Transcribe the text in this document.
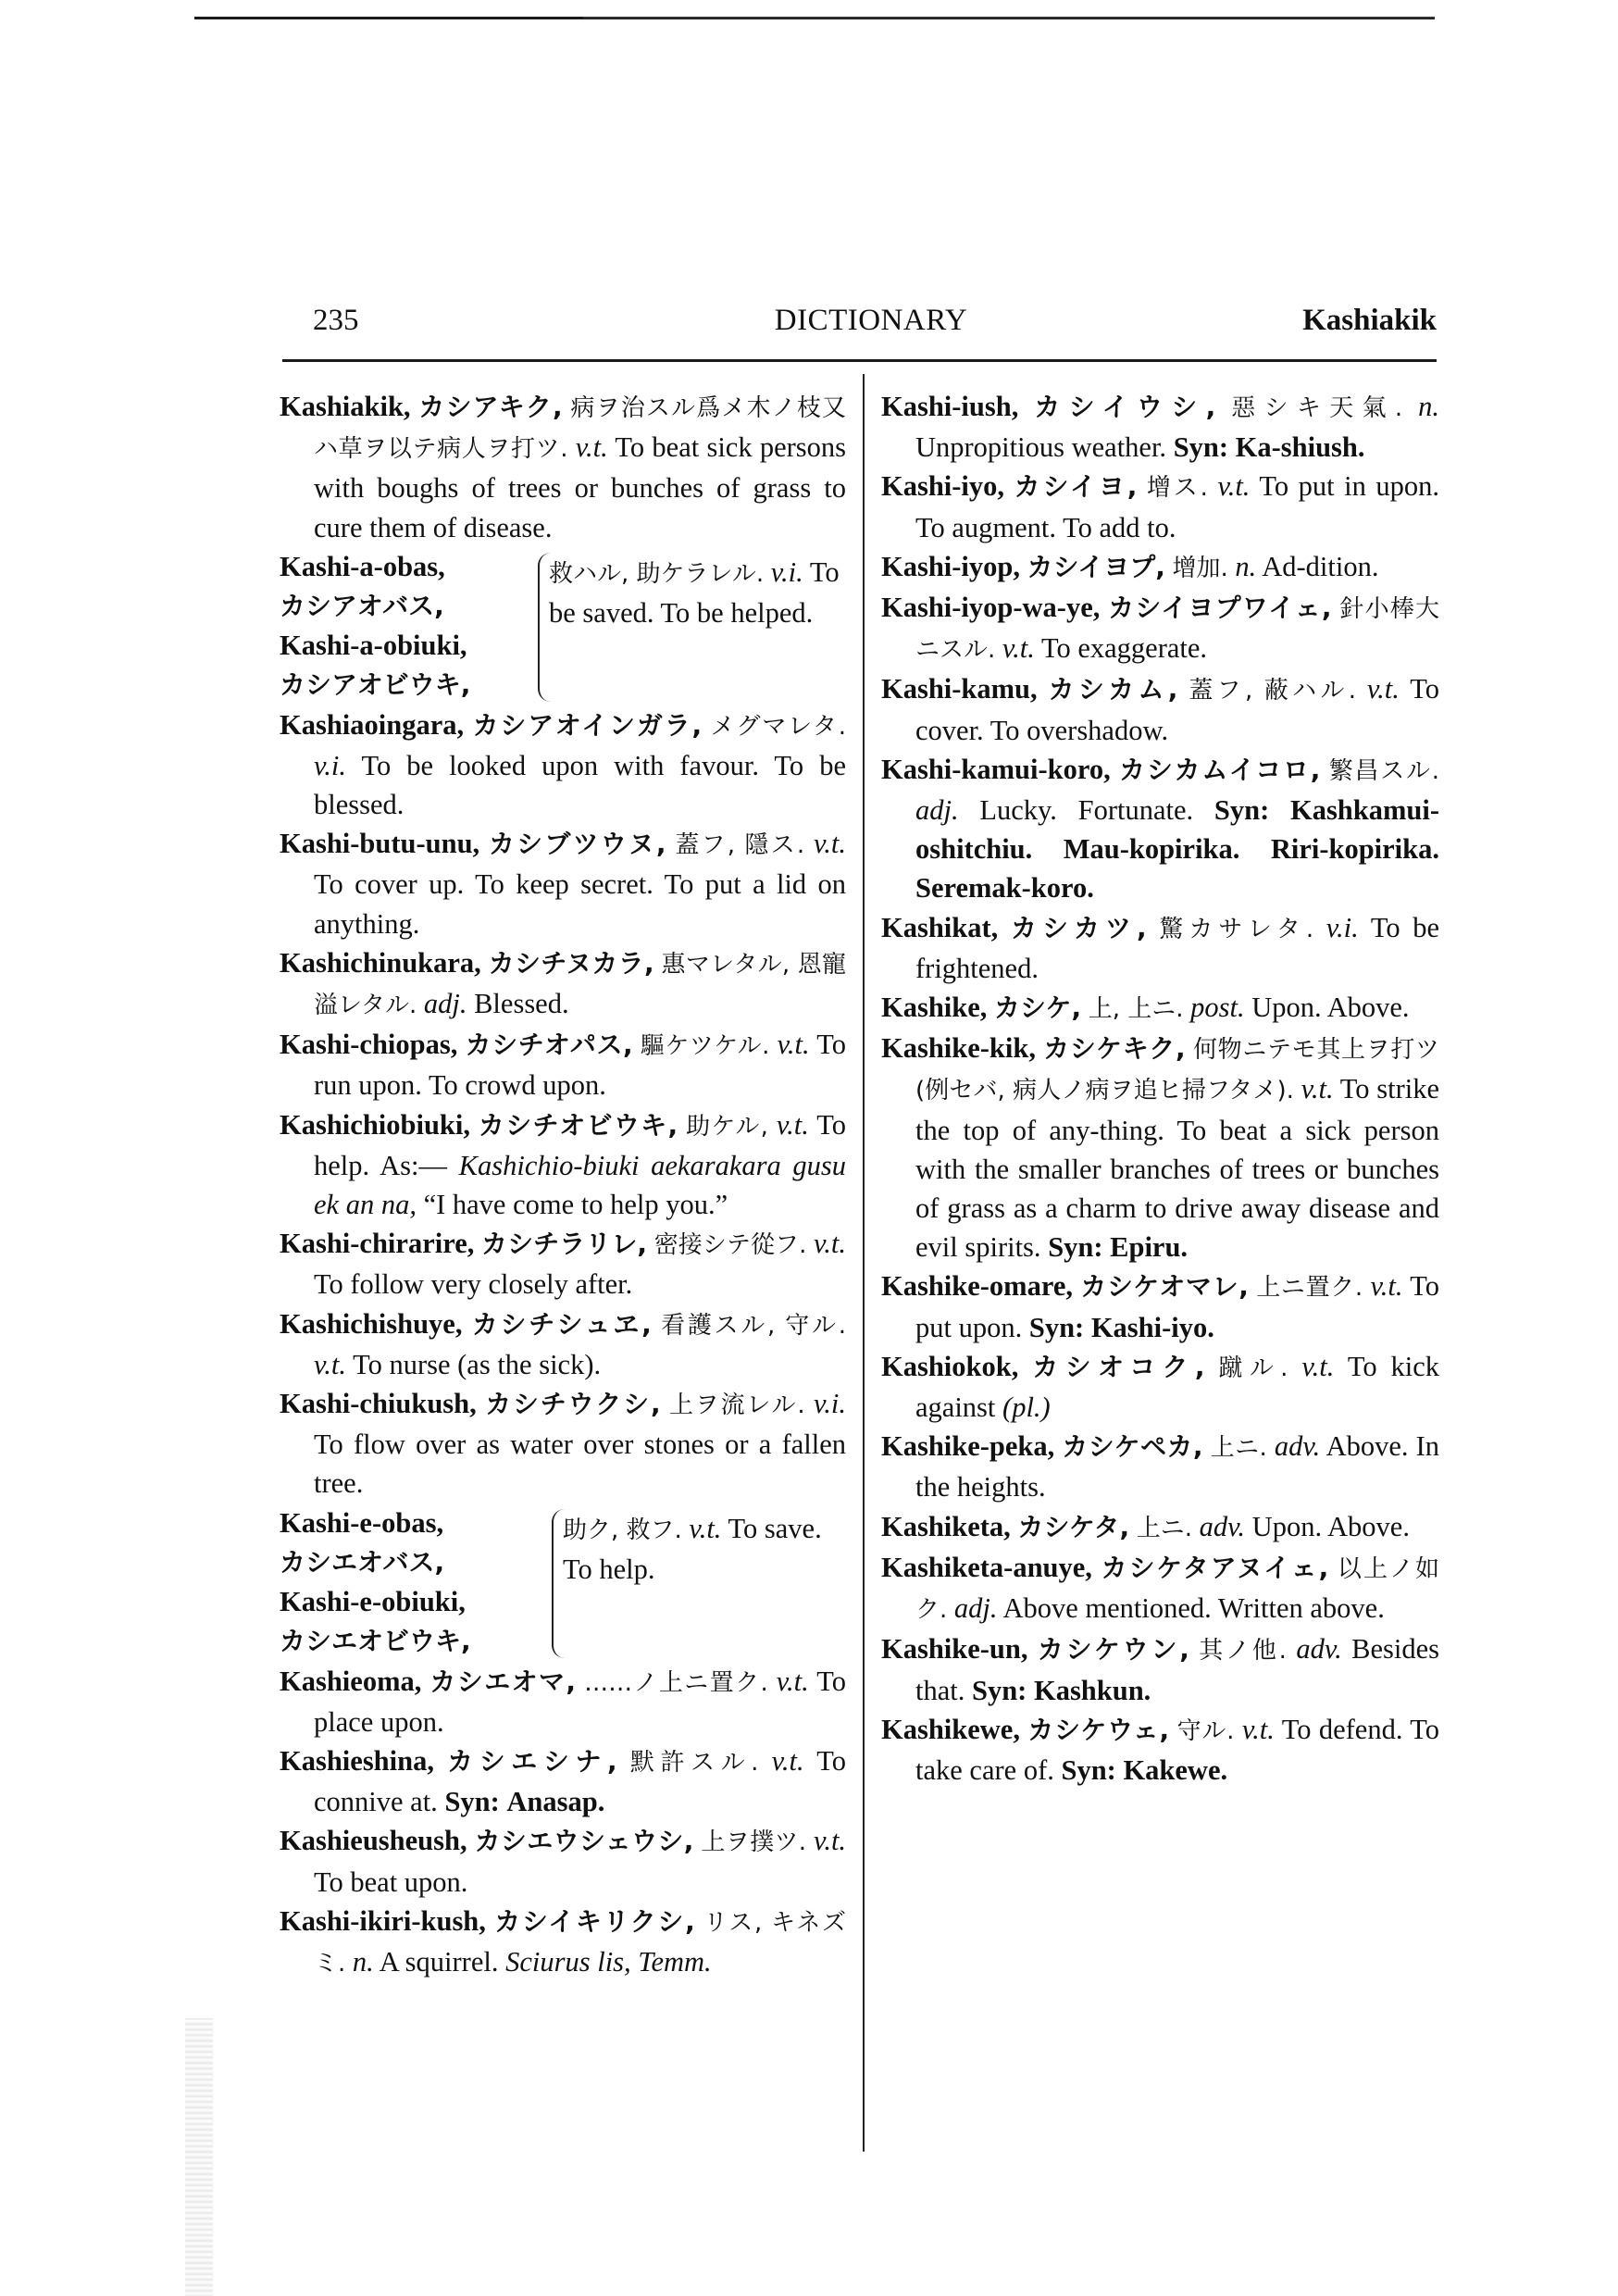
235	DICTIONARY	Kashiakik

Kashiakik, カシアキク, 病ヲ治スル爲メ木ノ枝又ハ草ヲ以テ病人ヲ打ツ. v.t. To beat sick persons with boughs of trees or bunches of grass to cure them of disease.

Kashi-a-obas,
カシアオバス,
Kashi-a-obiuki,
カシアオビウキ,
救ハル, 助ケラレル. v.i. To be saved. To be helped.

Kashiaoingara, カシアオインガラ, メグマレタ. v.i. To be looked upon with favour. To be blessed.

Kashi-butu-unu, カシブツウヌ, 蓋フ, 隱ス. v.t. To cover up. To keep secret. To put a lid on anything.

Kashichinukara, カシチヌカラ, 惠マレタル, 恩寵溢レタル. adj. Blessed.

Kashi-chiopas, カシチオパス, 驅ケツケル. v.t. To run upon. To crowd upon.

Kashichiobiuki, カシチオビウキ, 助ケル, v.t. To help. As:— Kashichio-biuki aekarakara gusu ek an na, “I have come to help you.”

Kashi-chirarire, カシチラリレ, 密接シテ從フ. v.t. To follow very closely after.

Kashichishuye, カシチシュヱ, 看護スル, 守ル. v.t. To nurse (as the sick).

Kashi-chiukush, カシチウクシ, 上ヲ流レル. v.i. To flow over as water over stones or a fallen tree.

Kashi-e-obas,
カシエオバス,
Kashi-e-obiuki,
カシエオビウキ,
助ク, 救フ. v.t. To save. To help.

Kashieoma, カシエオマ, ……ノ上ニ置ク. v.t. To place upon.

Kashieshina, カシエシナ, 默許スル. v.t. To connive at. Syn: Anasap.

Kashieusheush, カシエウシェウシ, 上ヲ撲ツ. v.t. To beat upon.

Kashi-ikiri-kush, カシイキリクシ, リス, キネズミ. n. A squirrel. Sciurus lis, Temm.

Kashi-iush, カシイウシ, 惡シキ天氣. n. Unpropitious weather. Syn: Ka-shiush.

Kashi-iyo, カシイヨ, 增ス. v.t. To put in upon. To augment. To add to.

Kashi-iyop, カシイヨプ, 增加. n. Ad-dition.

Kashi-iyop-wa-ye, カシイヨプワイェ, 針小棒大ニスル. v.t. To exaggerate.

Kashi-kamu, カシカム, 蓋フ, 蔽ハル. v.t. To cover. To overshadow.

Kashi-kamui-koro, カシカムイコロ, 繁昌スル. adj. Lucky. Fortunate. Syn: Kashkamui-oshitchiu. Mau-kopirika. Riri-kopirika. Seremak-koro.

Kashikat, カシカツ, 驚カサレタ. v.i. To be frightened.

Kashike, カシケ, 上, 上ニ. post. Upon. Above.

Kashike-kik, カシケキク, 何物ニテモ其上ヲ打ツ (例セバ, 病人ノ病ヲ追ヒ掃フタメ). v.t. To strike the top of any-thing. To beat a sick person with the smaller branches of trees or bunches of grass as a charm to drive away disease and evil spirits. Syn: Epiru.

Kashike-omare, カシケオマレ, 上ニ置ク. v.t. To put upon. Syn: Kashi-iyo.

Kashiokok, カシオコク, 蹴ル. v.t. To kick against (pl.)

Kashike-peka, カシケペカ, 上ニ. adv. Above. In the heights.

Kashiketa, カシケタ, 上ニ. adv. Upon. Above.

Kashiketa-anuye, カシケタアヌイェ, 以上ノ如ク. adj. Above mentioned. Written above.

Kashike-un, カシケウン, 其ノ他. adv. Besides that. Syn: Kashkun.

Kashikewe, カシケウェ, 守ル. v.t. To defend. To take care of. Syn: Kakewe.
